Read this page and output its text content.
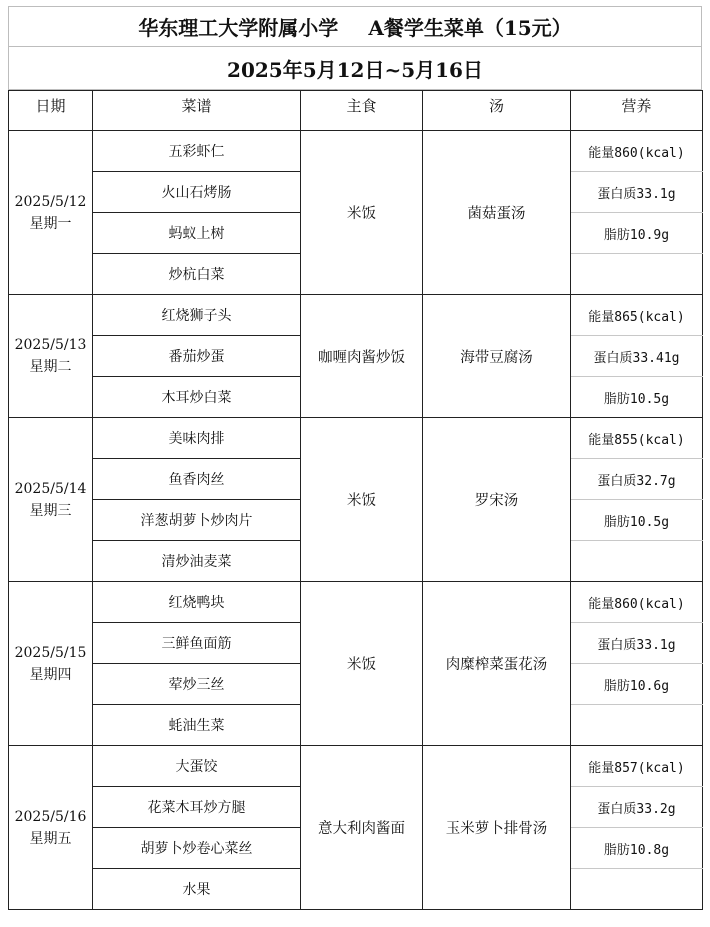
华东理工大学附属小学 A餐学生菜单（15元）
2025年5月12日~5月16日
日期	菜谱	主食	汤	营养

2025/5/12
星期一	五彩虾仁	米饭	菌菇蛋汤	能量860(kcal)
	火山石烤肠			蛋白质33.1g
	蚂蚁上树			脂肪10.9g
	炒杭白菜			

2025/5/13
星期二	红烧狮子头	咖喱肉酱炒饭	海带豆腐汤	能量865(kcal)
	番茄炒蛋			蛋白质33.41g
	木耳炒白菜			脂肪10.5g

2025/5/14
星期三	美味肉排	米饭	罗宋汤	能量855(kcal)
	鱼香肉丝			蛋白质32.7g
	洋葱胡萝卜炒肉片			脂肪10.5g
	清炒油麦菜			

2025/5/15
星期四	红烧鸭块	米饭	肉糜榨菜蛋花汤	能量860(kcal)
	三鲜鱼面筋			蛋白质33.1g
	荤炒三丝			脂肪10.6g
	蚝油生菜			

2025/5/16
星期五	大蛋饺	意大利肉酱面	玉米萝卜排骨汤	能量857(kcal)
	花菜木耳炒方腿			蛋白质33.2g
	胡萝卜炒卷心菜丝			脂肪10.8g
	水果			
